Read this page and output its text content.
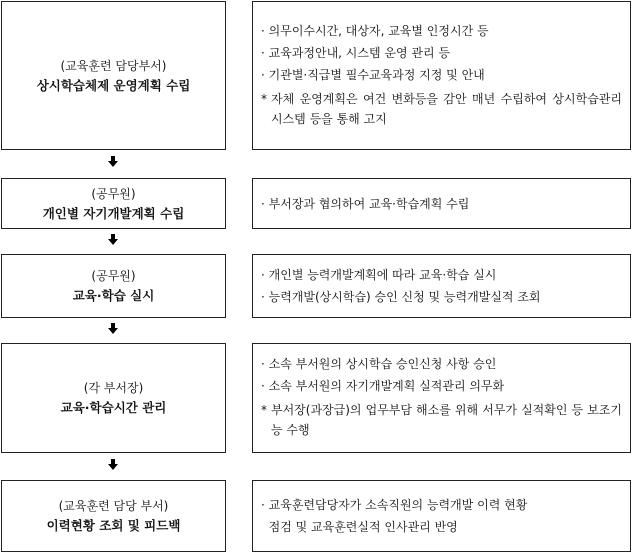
(교육훈련 담당부서)
상시학습체제 운영계획 수립
· 의무이수시간, 대상자, 교육별 인정시간 등
· 교육과정안내, 시스템 운영 관리 등
· 기관별·직급별 필수교육과정 지정 및 안내
* 자체 운영계획은 여건 변화등을 감안 매년 수립하여 상시학습관리시스템 등을 통해 고지
(공무원)
개인별 자기개발계획 수립
· 부서장과 협의하여 교육·학습계획 수립
(공무원)
교육·학습 실시
· 개인별 능력개발계획에 따라 교육·학습 실시
· 능력개발(상시학습) 승인 신청 및 능력개발실적 조회
(각 부서장)
교육·학습시간 관리
· 소속 부서원의 상시학습 승인신청 사항 승인
· 소속 부서원의 자기개발계획 실적관리 의무화
* 부서장(과장급)의 업무부담 해소를 위해 서무가 실적확인 등 보조기능 수행
(교육훈련 담당 부서)
이력현황 조회 및 피드백
· 교육훈련담당자가 소속직원의 능력개발 이력 현황
점검 및 교육훈련실적 인사관리 반영
